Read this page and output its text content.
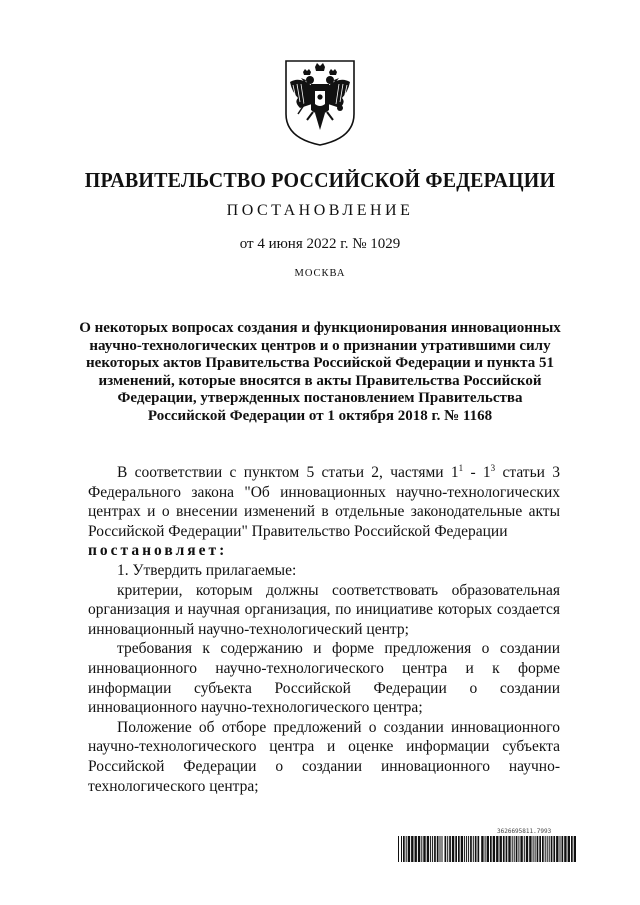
ПРАВИТЕЛЬСТВО РОССИЙСКОЙ ФЕДЕРАЦИИ
ПОСТАНОВЛЕНИЕ
от 4 июня 2022 г. № 1029
МОСКВА
О некоторых вопросах создания и функционирования инновационных
научно-технологических центров и о признании утратившими силу
некоторых актов Правительства Российской Федерации и пункта 51
изменений, которые вносятся в акты Правительства Российской
Федерации, утвержденных постановлением Правительства
Российской Федерации от 1 октября 2018 г. № 1168

В соответствии с пунктом 5 статьи 2, частями $1^1 - 1^3$ статьи 3 Федерального закона "Об инновационных научно-технологических центрах и о внесении изменений в отдельные законодательные акты Российской Федерации" Правительство Российской Федерации

постановляет:

1. Утвердить прилагаемые:

критерии, которым должны соответствовать образовательная организация и научная организация, по инициативе которых создается инновационный научно-технологический центр;

требования к содержанию и форме предложения о создании инновационного научно-технологического центра и к форме информации субъекта Российской Федерации о создании инновационного научно-технологического центра;

Положение об отборе предложений о создании инновационного научно-технологического центра и оценке информации субъекта Российской Федерации о создании инновационного научно-технологического центра;

3626695811.7993
